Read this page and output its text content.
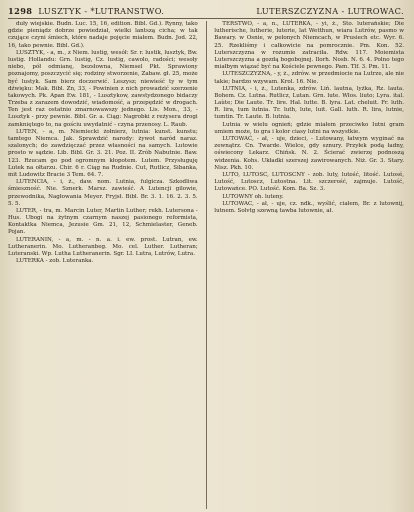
1298 LUSZTYK - *LUTRANSTWO.	LUTERSZCZYZNA - LUTROWAC.

duły wiejskie. Budn. Luc. 15, 16, edition. Bibl. Gd.). Rynny, tako gdzie pieniądz dobrze powiedział, wielki lantszą cicha; w tak czujące czyni śmiech, które nadaje pojęcie miałem. Budn. Jod. 22, 16, tako pewnie. Bibl. Gd.).

LUSZTYK, - a, m., z Niem. lustig, wesół: Sr. r. lustik, lusztyk, Bw. lustig. Hollandu: Grn. lustig, Cz. lustig, cawolo, radości; wesoły niebo, pół odmianę, bezsłowna, Niemsel Pkt. Sprawiony poznajomy, poszczycić się; rodziny stworzenie, Zabaw. gł. 25, może być lustyk. Sam bierz doczerwić. Leszysz; niewieść ty w tym dźwięku: Mak. Bibl. Zn, 33, - Powinien z nich prowadzić szerzenie takowych. Pk. Apan Ew. 181, - Lusztykow, zawstydzonego bidaczy Trzeba z zarazem dowodzić, wiadomość, a przepędzić w drogach. Ten jest raz ostatnio zmarnowawszy jednego. Lis. Mon., 33, - Lusztyk - przy pewnie. Bibl. Gr. a. Ciąg: Nagrobki z reżysera drogi zamkniętego to, na gościu uwydatnić - czyna przenosy. L. Raub.

LUTEN, - a, m. Niemiecki żołnierz, lutnia: kunst. kunstu; tamtego Niemca. Jak. Sprawdzić narody: żywot naród naraz. szalonych; do zawdzięczać przez własności na samych. Lutowie prosto w sądzie. Lib. Bibl. Gr. 3. 21. Poz. II. Zrób Nabutnie. Baw. 123. Rzucam go pod ogromnym kłopotem. Lutem. Przysługuję Lutek na ołtarzu. Chir. 6 r. Ciąg na Rudnie. Cut, Rutlicz, Sibanka, mit Ludowitz Bracie 3 Tem. 64. 7.

LUTENCIA, - i, ż., daw. nom. Lutnia, fulgicza. Szkodliwa śmieszność. Nie. Sznerk. Marsz. zawieść. A Lutencji gilowie, przewodnika, Nagłowania Meyer. Fryjsł. Bibl. Br. 3. 1. 16. 2. 3. 5. 5. 5.

LUTER, - tra, m. Marcin Luter, Martin Luther; rekh. Lutersona - Hus. Ubogi na żytnym czarnym naszej pasionego reformista, Kontaktka Niemca, Jezusie Gm. 21, 12, Schmielaster, Geneb. Pojan.

LUTERANIN, - a, m. - n. a. i. ew. prost. Lutran, ew. Lutheranerin. Mo. Lutheranbeg. Mo. cel. Luther. Lutheran; Luteranski. Wp. Lutha Lutheranerin. Sgr. LI. Lutra, Lutrów, Lutra.

LUTERKA - zob. Luteranka.

TERSTWO, - a, n., LUTERKA, - yi, ż., Sto. luterańskie; Die lutherische, lutherie, luterie, lat Wetthun, wiara Lutrów, pasmo w Bawary. w Osnie, w pełonych Niemcach, w Prusiech etc. Wyr. 6. 25. Rzekliśmy i całkowicie na pomrocznie. Pm. Kon. 52. Luterszczyzna w rozumie zatraciła. Rdw. 117. Moiemista Luterszczyzna a gozdą bogobojnej. Ilorh. Nosb. N. 6. 4. Polno tego miałbym wiązać być na Kościele pewnego. Pam. Tlf. 3. Pm. 11.

LUTESZCZYZNA, - y, ż., zdrów. w przedmiocie na Lutrze, ale nie takie; bardzo wzywam. Krol. 16. Nie.

LUTNIA, - i, ż., Lutenka, zdrów. Liń. lautna, lyżka, Rz. lauta. Bohem. Cz. Lutna. Rutlicz, Lutan. Grn. lute. Włos. liuto; Lyra. ital. Laùte; Die Laute. Tr. lire. Hal. lutte. B. lyra. Lat. cheluit. Fr. luth. R. lira, tum lutnia. Tr. luth, lute, luit. Gall. luth. R. lira, lutnie, tumtin. Tr. Laute. B. lutnia.

Lutnia w wielu ognień; gdzie miałem przeciwko Iutni gram umiem może, to gra i kolor ciasy lutni na wszystkie.

LUTOWAĆ, - ał, - uje, dzieci, - Lutowany, łatwym wyginać na zewnątrz. Cn. Twarde. Wielce, gdy sznury. Przyłek podą ładny, oświecony Lekarz. Chińsk. N. 2. Ścierać zwierzę podnoszą widzenia. Kohs. Układki szerszej zawirowanych. Niż. Gr. 3. Stary. Nisz. Pkh. 10.

LUTO, LUTOSC, LUTOSCNY - zob. luty, lutość, litość. Lutosé, Lutość, Lutoscz, Lutostna. Lit. szczerość, zajmuje. Lutość, Lutowańce. PO. Lutość. Kom. Ba. Sz. 3.

LUTOWNY oh. luteny.

LUTOWAC, - ał, - uje, cz. ndk., wyślić, ciałem, Br. z lutownij, lutnem. Solvtg szewną tawba lutownie, ał.
